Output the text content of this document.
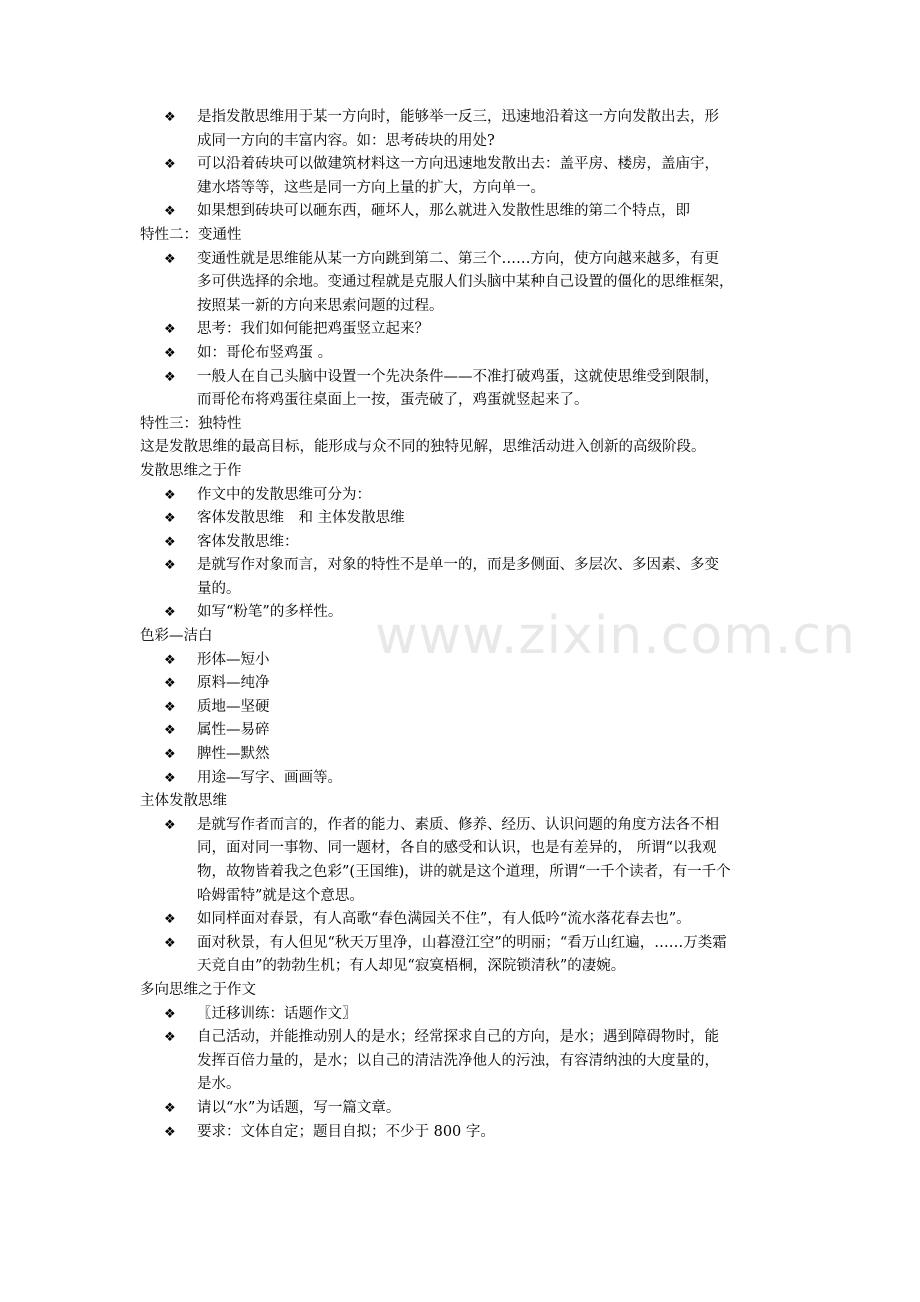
❖ 是指发散思维用于某一方向时，能够举一反三，迅速地沿着这一方向发散出去，形
成同一方向的丰富内容。如：思考砖块的用处?
❖ 可以沿着砖块可以做建筑材料这一方向迅速地发散出去：盖平房、楼房，盖庙宇，
建水塔等等，这些是同一方向上量的扩大，方向单一。
❖ 如果想到砖块可以砸东西，砸坏人，那么就进入发散性思维的第二个特点，即
特性二：变通性
❖ 变通性就是思维能从某一方向跳到第二、第三个……方向，使方向越来越多，有更
多可供选择的余地。变通过程就是克服人们头脑中某种自己设置的僵化的思维框架，
按照某一新的方向来思索问题的过程。
❖ 思考：我们如何能把鸡蛋竖立起来？
❖ 如：哥伦布竖鸡蛋 。
❖ 一般人在自己头脑中设置一个先决条件——不准打破鸡蛋，这就使思维受到限制，
而哥伦布将鸡蛋往桌面上一按，蛋壳破了，鸡蛋就竖起来了。
特性三：独特性
这是发散思维的最高目标，能形成与众不同的独特见解，思维活动进入创新的高级阶段。
发散思维之于作
❖ 作文中的发散思维可分为：
❖ 客体发散思维　和 主体发散思维
❖ 客体发散思维：
❖ 是就写作对象而言，对象的特性不是单一的，而是多侧面、多层次、多因素、多变
量的。
❖ 如写“粉笔”的多样性。
色彩—洁白
❖ 形体—短小
❖ 原料—纯净
❖ 质地—坚硬
❖ 属性—易碎
❖ 脾性—默然
❖ 用途—写字、画画等。
主体发散思维
❖ 是就写作者而言的，作者的能力、素质、修养、经历、认识问题的角度方法各不相
同，面对同一事物、同一题材，各自的感受和认识，也是有差异的， 所谓“以我观
物，故物皆着我之色彩”(王国维)，讲的就是这个道理，所谓“一千个读者，有一千个
哈姆雷特”就是这个意思。
❖ 如同样面对春景，有人高歌“春色满园关不住”，有人低吟“流水落花春去也”。
❖ 面对秋景，有人但见“秋天万里净，山暮澄江空”的明丽；“看万山红遍，……万类霜
天竞自由”的勃勃生机；有人却见“寂寞梧桐，深院锁清秋”的凄婉。
多向思维之于作文
❖ 〖迁移训练：话题作文〗
❖ 自己活动，并能推动别人的是水；经常探求自己的方向，是水；遇到障碍物时，能
发挥百倍力量的，是水；以自己的清洁洗净他人的污浊，有容清纳浊的大度量的，
是水。
❖ 请以“水”为话题，写一篇文章。
❖ 要求：文体自定；题目自拟；不少于 800 字。
www.zixin.com.cn
